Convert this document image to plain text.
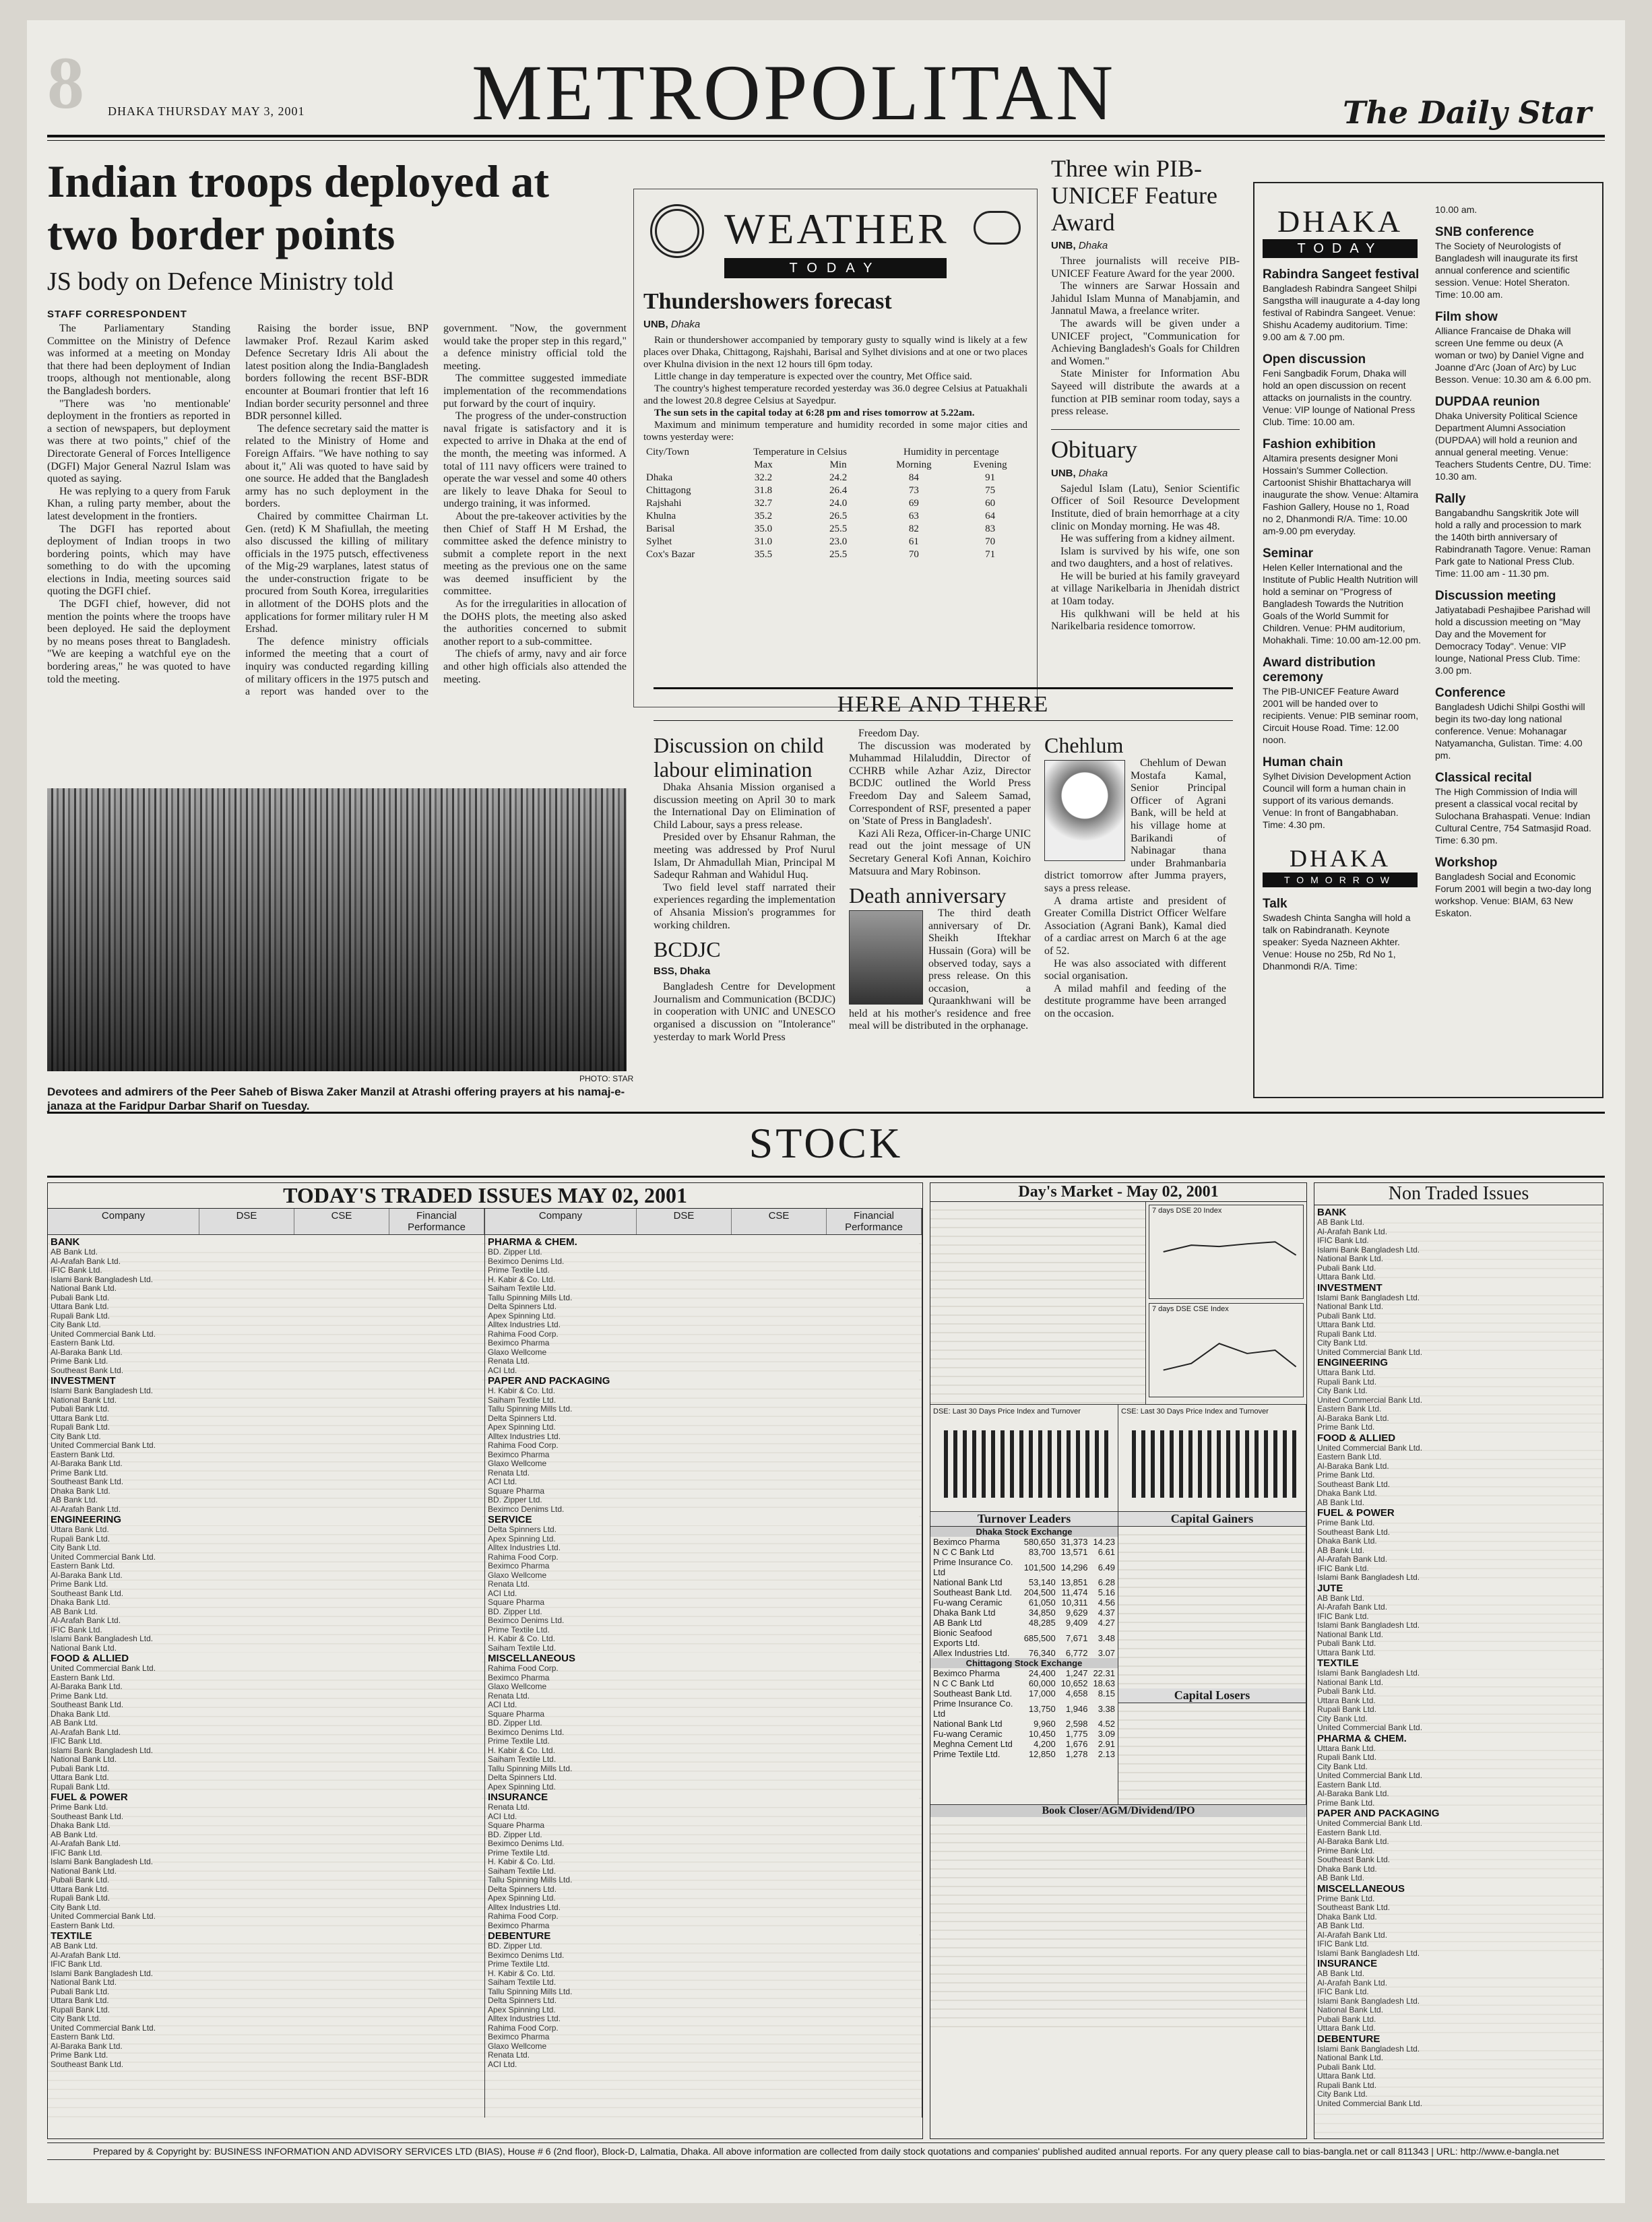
8 DHAKA THURSDAY MAY 3, 2001 METROPOLITAN	The Daily Star
Indian troops deployed at two border points
JS body on Defence Ministry told
STAFF CORRESPONDENT

The Parliamentary Standing Committee on the Ministry of Defence was informed at a meeting on Monday that there had been deployment of Indian troops, although not mentionable, along the Bangladesh borders.

"There was 'no mentionable' deployment in the frontiers as reported in a section of newspapers, but deployment was there at two points," chief of the Directorate General of Forces Intelligence (DGFI) Major General Nazrul Islam was quoted as saying.

He was replying to a query from Faruk Khan, a ruling party member, about the latest development in the frontiers.

The DGFI has reported about deployment of Indian troops in two bordering points, which may have something to do with the upcoming elections in India, meeting sources said quoting the DGFI chief.

The DGFI chief, however, did not mention the points where the troops have been deployed. He said the deployment by no means poses threat to Bangladesh. "We are keeping a watchful eye on the bordering areas," he was quoted to have told the meeting.

Raising the border issue, BNP lawmaker Prof. Rezaul Karim asked Defence Secretary Idris Ali about the latest position along the India-Bangladesh borders following the recent BSF-BDR encounter at Boumari frontier that left 16 Indian border security personnel and three BDR personnel killed.

The defence secretary said the matter is related to the Ministry of Home and Foreign Affairs. "We have nothing to say about it," Ali was quoted to have said by one source. He added that the Bangladesh army has no such deployment in the borders.

Chaired by committee Chairman Lt. Gen. (retd) K M Shafiullah, the meeting also discussed the killing of military officials in the 1975 putsch, effectiveness of the Mig-29 warplanes, latest status of the under-construction frigate to be procured from South Korea, irregularities in allotment of the DOHS plots and the applications for former military ruler H M Ershad.

The defence ministry officials informed the meeting that a court of inquiry was conducted regarding killing of military officers in the 1975 putsch and a report was handed over to the government. "Now, the government would take the proper step in this regard," a defence ministry official told the meeting.

The committee suggested immediate implementation of the recommendations put forward by the court of inquiry.

The progress of the under-construction naval frigate is satisfactory and it is expected to arrive in Dhaka at the end of the month, the meeting was informed. A total of 111 navy officers were trained to operate the war vessel and some 40 others are likely to leave Dhaka for Seoul to undergo training, it was informed.

About the pre-takeover activities by the then Chief of Staff H M Ershad, the committee asked the defence ministry to submit a complete report in the next meeting as the previous one on the same was deemed insufficient by the committee.

As for the irregularities in allocation of the DOHS plots, the meeting also asked the authorities concerned to submit another report to a sub-committee.

The chiefs of army, navy and air force and other high officials also attended the meeting.

PHOTO: STAR
Devotees and admirers of the Peer Saheb of Biswa Zaker Manzil at Atrashi offering prayers at his namaj-e-janaza at the Faridpur Darbar Sharif on Tuesday.
WEATHER
TODAY
Thundershowers forecast
UNB, Dhaka

Rain or thundershower accompanied by temporary gusty to squally wind is likely at a few places over Dhaka, Chittagong, Rajshahi, Barisal and Sylhet divisions and at one or two places over Khulna division in the next 12 hours till 6pm today.

Little change in day temperature is expected over the country, Met Office said.

The country's highest temperature recorded yesterday was 36.0 degree Celsius at Patuakhali and the lowest 20.8 degree Celsius at Sayedpur.

The sun sets in the capital today at 6:28 pm and rises tomorrow at 5.22am.

Maximum and minimum temperature and humidity recorded in some major cities and towns yesterday were:

City/Town	Temperature in Celsius		Humidity in percentage	
	Max	Min	Morning	Evening
Dhaka	32.2	24.2	84	91
Chittagong	31.8	26.4	73	75
Rajshahi	32.7	24.0	69	60
Khulna	35.2	26.5	63	64
Barisal	35.0	25.5	82	83
Sylhet	31.0	23.0	61	70
Cox's Bazar	35.5	25.5	70	71
Three win PIB-UNICEF Feature Award
UNB, Dhaka

Three journalists will receive PIB-UNICEF Feature Award for the year 2000.

The winners are Sarwar Hossain and Jahidul Islam Munna of Manabjamin, and Jannatul Mawa, a freelance writer.

The awards will be given under a UNICEF project, "Communication for Achieving Bangladesh's Goals for Children and Women."

State Minister for Information Abu Sayeed will distribute the awards at a function at PIB seminar room today, says a press release.

Obituary
UNB, Dhaka

Sajedul Islam (Latu), Senior Scientific Officer of Soil Resource Development Institute, died of brain hemorrhage at a city clinic on Monday morning. He was 48.

He was suffering from a kidney ailment.

Islam is survived by his wife, one son and two daughters, and a host of relatives.

He will be buried at his family graveyard at village Narikelbaria in Jhenidah district at 10am today.

His qulkhwani will be held at his Narikelbaria residence tomorrow.

HERE AND THERE
Discussion on child labour elimination

Dhaka Ahsania Mission organised a discussion meeting on April 30 to mark the International Day on Elimination of Child Labour, says a press release.

Presided over by Ehsanur Rahman, the meeting was addressed by Prof Nurul Islam, Dr Ahmadullah Mian, Principal M Sadequr Rahman and Wahidul Huq.

Two field level staff narrated their experiences regarding the implementation of Ahsania Mission's programmes for working children.

BCDJC
BSS, Dhaka

Bangladesh Centre for Development Journalism and Communication (BCDJC) in cooperation with UNIC and UNESCO organised a discussion on "Intolerance" yesterday to mark World Press

Freedom Day.

The discussion was moderated by Muhammad Hilaluddin, Director of CCHRB while Azhar Aziz, Director BCDJC outlined the World Press Freedom Day and Saleem Samad, Correspondent of RSF, presented a paper on 'State of Press in Bangladesh'.

Kazi Ali Reza, Officer-in-Charge UNIC read out the joint message of UN Secretary General Kofi Annan, Koichiro Matsuura and Mary Robinson.

Death anniversary

The third death anniversary of Dr. Sheikh Iftekhar Hussain (Gora) will be observed today, says a press release. On this occasion, a Quraankhwani will be held at his mother's residence and free meal will be distributed in the orphanage.

Chehlum

Chehlum of Dewan Mostafa Kamal, Senior Principal Officer of Agrani Bank, will be held at his village home at Barikandi of Nabinagar thana under Brahmanbaria district tomorrow after Jumma prayers, says a press release.

A drama artiste and president of Greater Comilla District Officer Welfare Association (Agrani Bank), Kamal died of a cardiac arrest on March 6 at the age of 52.

He was also associated with different social organisation.

A milad mahfil and feeding of the destitute programme have been arranged on the occasion.

DHAKA
TODAY
Rabindra Sangeet festival
Bangladesh Rabindra Sangeet Shilpi Sangstha will inaugurate a 4-day long festival of Rabindra Sangeet. Venue: Shishu Academy auditorium. Time: 9.00 am & 7.00 pm.
Open discussion
Feni Sangbadik Forum, Dhaka will hold an open discussion on recent attacks on journalists in the country. Venue: VIP lounge of National Press Club. Time: 10.00 am.
Fashion exhibition
Altamira presents designer Moni Hossain's Summer Collection. Cartoonist Shishir Bhattacharya will inaugurate the show. Venue: Altamira Fashion Gallery, House no 1, Road no 2, Dhanmondi R/A. Time: 10.00 am-9.00 pm everyday.
Seminar
Helen Keller International and the Institute of Public Health Nutrition will hold a seminar on "Progress of Bangladesh Towards the Nutrition Goals of the World Summit for Children. Venue: PHM auditorium, Mohakhali. Time: 10.00 am-12.00 pm.
Award distribution ceremony
The PIB-UNICEF Feature Award 2001 will be handed over to recipients. Venue: PIB seminar room, Circuit House Road. Time: 12.00 noon.
Human chain
Sylhet Division Development Action Council will form a human chain in support of its various demands. Venue: In front of Bangabhaban. Time: 4.30 pm.
DHAKA
TOMORROW
Talk
Swadesh Chinta Sangha will hold a talk on Rabindranath. Keynote speaker: Syeda Nazneen Akhter. Venue: House no 25b, Rd No 1, Dhanmondi R/A. Time:
10.00 am.
SNB conference
The Society of Neurologists of Bangladesh will inaugurate its first annual conference and scientific session. Venue: Hotel Sheraton. Time: 10.00 am.
Film show
Alliance Francaise de Dhaka will screen Une femme ou deux (A woman or two) by Daniel Vigne and Joanne d'Arc (Joan of Arc) by Luc Besson. Venue: 10.30 am & 6.00 pm.
DUPDAA reunion
Dhaka University Political Science Department Alumni Association (DUPDAA) will hold a reunion and annual general meeting. Venue: Teachers Students Centre, DU. Time: 10.30 am.
Rally
Bangabandhu Sangskritik Jote will hold a rally and procession to mark the 140th birth anniversary of Rabindranath Tagore. Venue: Raman Park gate to National Press Club. Time: 11.00 am - 11.30 pm.
Discussion meeting
Jatiyatabadi Peshajibee Parishad will hold a discussion meeting on "May Day and the Movement for Democracy Today". Venue: VIP lounge, National Press Club. Time: 3.00 pm.
Conference
Bangladesh Udichi Shilpi Gosthi will begin its two-day long national conference. Venue: Mohanagar Natyamancha, Gulistan. Time: 4.00 pm.
Classical recital
The High Commission of India will present a classical vocal recital by Sulochana Brahaspati. Venue: Indian Cultural Centre, 754 Satmasjid Road. Time: 6.30 pm.
Workshop
Bangladesh Social and Economic Forum 2001 will begin a two-day long workshop. Venue: BIAM, 63 New Eskaton.
STOCK
TODAY'S TRADED ISSUES MAY 02, 2001
Company	DSE	CSE	Financial Performance
BANK
AB Bank Ltd.
Al-Arafah Bank Ltd.
IFIC Bank Ltd.
Islami Bank Bangladesh Ltd.
National Bank Ltd.
Pubali Bank Ltd.
Uttara Bank Ltd.
Rupali Bank Ltd.
City Bank Ltd.
United Commercial Bank Ltd.
Eastern Bank Ltd.
Al-Baraka Bank Ltd.
Prime Bank Ltd.
Southeast Bank Ltd.
INVESTMENT
Islami Bank Bangladesh Ltd.
National Bank Ltd.
Pubali Bank Ltd.
Uttara Bank Ltd.
Rupali Bank Ltd.
City Bank Ltd.
United Commercial Bank Ltd.
Eastern Bank Ltd.
Al-Baraka Bank Ltd.
Prime Bank Ltd.
Southeast Bank Ltd.
Dhaka Bank Ltd.
AB Bank Ltd.
Al-Arafah Bank Ltd.
ENGINEERING
Uttara Bank Ltd.
Rupali Bank Ltd.
City Bank Ltd.
United Commercial Bank Ltd.
Eastern Bank Ltd.
Al-Baraka Bank Ltd.
Prime Bank Ltd.
Southeast Bank Ltd.
Dhaka Bank Ltd.
AB Bank Ltd.
Al-Arafah Bank Ltd.
IFIC Bank Ltd.
Islami Bank Bangladesh Ltd.
National Bank Ltd.
FOOD & ALLIED
United Commercial Bank Ltd.
Eastern Bank Ltd.
Al-Baraka Bank Ltd.
Prime Bank Ltd.
Southeast Bank Ltd.
Dhaka Bank Ltd.
AB Bank Ltd.
Al-Arafah Bank Ltd.
IFIC Bank Ltd.
Islami Bank Bangladesh Ltd.
National Bank Ltd.
Pubali Bank Ltd.
Uttara Bank Ltd.
Rupali Bank Ltd.
FUEL & POWER
Prime Bank Ltd.
Southeast Bank Ltd.
Dhaka Bank Ltd.
AB Bank Ltd.
Al-Arafah Bank Ltd.
IFIC Bank Ltd.
Islami Bank Bangladesh Ltd.
National Bank Ltd.
Pubali Bank Ltd.
Uttara Bank Ltd.
Rupali Bank Ltd.
City Bank Ltd.
United Commercial Bank Ltd.
Eastern Bank Ltd.
TEXTILE
AB Bank Ltd.
Al-Arafah Bank Ltd.
IFIC Bank Ltd.
Islami Bank Bangladesh Ltd.
National Bank Ltd.
Pubali Bank Ltd.
Uttara Bank Ltd.
Rupali Bank Ltd.
City Bank Ltd.
United Commercial Bank Ltd.
Eastern Bank Ltd.
Al-Baraka Bank Ltd.
Prime Bank Ltd.
Southeast Bank Ltd.
Company	DSE	CSE	Financial Performance
PHARMA & CHEM.
BD. Zipper Ltd.
Beximco Denims Ltd.
Prime Textile Ltd.
H. Kabir & Co. Ltd.
Saiham Textile Ltd.
Tallu Spinning Mills Ltd.
Delta Spinners Ltd.
Apex Spinning Ltd.
Alltex Industries Ltd.
Rahima Food Corp.
Beximco Pharma
Glaxo Wellcome
Renata Ltd.
ACI Ltd.
PAPER AND PACKAGING
H. Kabir & Co. Ltd.
Saiham Textile Ltd.
Tallu Spinning Mills Ltd.
Delta Spinners Ltd.
Apex Spinning Ltd.
Alltex Industries Ltd.
Rahima Food Corp.
Beximco Pharma
Glaxo Wellcome
Renata Ltd.
ACI Ltd.
Square Pharma
BD. Zipper Ltd.
Beximco Denims Ltd.
SERVICE
Delta Spinners Ltd.
Apex Spinning Ltd.
Alltex Industries Ltd.
Rahima Food Corp.
Beximco Pharma
Glaxo Wellcome
Renata Ltd.
ACI Ltd.
Square Pharma
BD. Zipper Ltd.
Beximco Denims Ltd.
Prime Textile Ltd.
H. Kabir & Co. Ltd.
Saiham Textile Ltd.
MISCELLANEOUS
Rahima Food Corp.
Beximco Pharma
Glaxo Wellcome
Renata Ltd.
ACI Ltd.
Square Pharma
BD. Zipper Ltd.
Beximco Denims Ltd.
Prime Textile Ltd.
H. Kabir & Co. Ltd.
Saiham Textile Ltd.
Tallu Spinning Mills Ltd.
Delta Spinners Ltd.
Apex Spinning Ltd.
INSURANCE
Renata Ltd.
ACI Ltd.
Square Pharma
BD. Zipper Ltd.
Beximco Denims Ltd.
Prime Textile Ltd.
H. Kabir & Co. Ltd.
Saiham Textile Ltd.
Tallu Spinning Mills Ltd.
Delta Spinners Ltd.
Apex Spinning Ltd.
Alltex Industries Ltd.
Rahima Food Corp.
Beximco Pharma
DEBENTURE
BD. Zipper Ltd.
Beximco Denims Ltd.
Prime Textile Ltd.
H. Kabir & Co. Ltd.
Saiham Textile Ltd.
Tallu Spinning Mills Ltd.
Delta Spinners Ltd.
Apex Spinning Ltd.
Alltex Industries Ltd.
Rahima Food Corp.
Beximco Pharma
Glaxo Wellcome
Renata Ltd.
ACI Ltd.
Day's Market - May 02, 2001
7 days DSE 20 Index
7 days DSE CSE Index
DSE: Last 30 Days Price Index and Turnover	CSE: Last 30 Days Price Index and Turnover
Turnover Leaders
Dhaka Stock Exchange
Beximco Pharma	580,650	31,373	14.23
N C C Bank Ltd	83,700	13,571	6.61
Prime Insurance Co. Ltd	101,500	14,296	6.49
National Bank Ltd	53,140	13,851	6.28
Southeast Bank Ltd.	204,500	11,474	5.16
Fu-wang Ceramic	61,050	10,311	4.56
Dhaka Bank Ltd	34,850	9,629	4.37
AB Bank Ltd	48,285	9,409	4.27
Bionic Seafood Exports Ltd.	685,500	7,671	3.48
Allex Industries Ltd.	76,340	6,772	3.07
Chittagong Stock Exchange
Beximco Pharma	24,400	1,247	22.31
N C C Bank Ltd	60,000	10,652	18.63
Southeast Bank Ltd.	17,000	4,658	8.15
Prime Insurance Co. Ltd	13,750	1,946	3.38
National Bank Ltd	9,960	2,598	4.52
Fu-wang Ceramic	10,450	1,775	3.09
Meghna Cement Ltd	4,200	1,676	2.91
Prime Textile Ltd.	12,850	1,278	2.13
Capital Gainers
Capital Losers
Book Closer/AGM/Dividend/IPO
Non Traded Issues
BANK
AB Bank Ltd.
Al-Arafah Bank Ltd.
IFIC Bank Ltd.
Islami Bank Bangladesh Ltd.
National Bank Ltd.
Pubali Bank Ltd.
Uttara Bank Ltd.
INVESTMENT
Islami Bank Bangladesh Ltd.
National Bank Ltd.
Pubali Bank Ltd.
Uttara Bank Ltd.
Rupali Bank Ltd.
City Bank Ltd.
United Commercial Bank Ltd.
ENGINEERING
Uttara Bank Ltd.
Rupali Bank Ltd.
City Bank Ltd.
United Commercial Bank Ltd.
Eastern Bank Ltd.
Al-Baraka Bank Ltd.
Prime Bank Ltd.
FOOD & ALLIED
United Commercial Bank Ltd.
Eastern Bank Ltd.
Al-Baraka Bank Ltd.
Prime Bank Ltd.
Southeast Bank Ltd.
Dhaka Bank Ltd.
AB Bank Ltd.
FUEL & POWER
Prime Bank Ltd.
Southeast Bank Ltd.
Dhaka Bank Ltd.
AB Bank Ltd.
Al-Arafah Bank Ltd.
IFIC Bank Ltd.
Islami Bank Bangladesh Ltd.
JUTE
AB Bank Ltd.
Al-Arafah Bank Ltd.
IFIC Bank Ltd.
Islami Bank Bangladesh Ltd.
National Bank Ltd.
Pubali Bank Ltd.
Uttara Bank Ltd.
TEXTILE
Islami Bank Bangladesh Ltd.
National Bank Ltd.
Pubali Bank Ltd.
Uttara Bank Ltd.
Rupali Bank Ltd.
City Bank Ltd.
United Commercial Bank Ltd.
PHARMA & CHEM.
Uttara Bank Ltd.
Rupali Bank Ltd.
City Bank Ltd.
United Commercial Bank Ltd.
Eastern Bank Ltd.
Al-Baraka Bank Ltd.
Prime Bank Ltd.
PAPER AND PACKAGING
United Commercial Bank Ltd.
Eastern Bank Ltd.
Al-Baraka Bank Ltd.
Prime Bank Ltd.
Southeast Bank Ltd.
Dhaka Bank Ltd.
AB Bank Ltd.
MISCELLANEOUS
Prime Bank Ltd.
Southeast Bank Ltd.
Dhaka Bank Ltd.
AB Bank Ltd.
Al-Arafah Bank Ltd.
IFIC Bank Ltd.
Islami Bank Bangladesh Ltd.
INSURANCE
AB Bank Ltd.
Al-Arafah Bank Ltd.
IFIC Bank Ltd.
Islami Bank Bangladesh Ltd.
National Bank Ltd.
Pubali Bank Ltd.
Uttara Bank Ltd.
DEBENTURE
Islami Bank Bangladesh Ltd.
National Bank Ltd.
Pubali Bank Ltd.
Uttara Bank Ltd.
Rupali Bank Ltd.
City Bank Ltd.
United Commercial Bank Ltd.
Prepared by & Copyright by: BUSINESS INFORMATION AND ADVISORY SERVICES LTD (BIAS), House # 6 (2nd floor), Block-D, Lalmatia, Dhaka. All above information are collected from daily stock quotations and companies' published audited annual reports. For any query please call to bias-bangla.net or call 811343 | URL: http://www.e-bangla.net
